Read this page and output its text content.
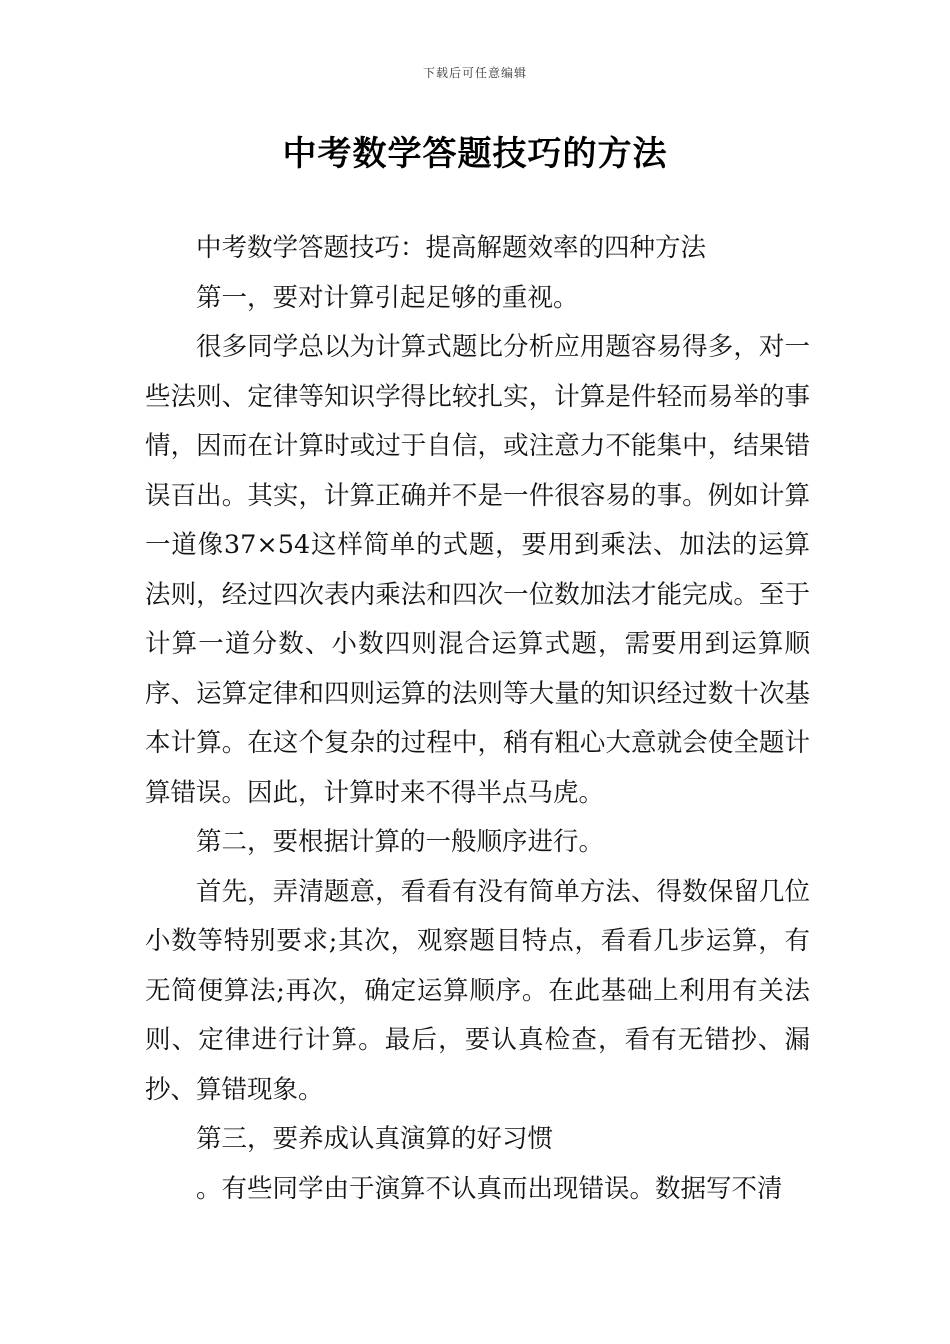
下载后可任意编辑
中考数学答题技巧的方法

中考数学答题技巧：提高解题效率的四种方法

第一，要对计算引起足够的重视。

很多同学总以为计算式题比分析应用题容易得多，对一些法则、定律等知识学得比较扎实，计算是件轻而易举的事情，因而在计算时或过于自信，或注意力不能集中，结果错误百出。其实，计算正确并不是一件很容易的事。例如计算一道像37×54这样简单的式题，要用到乘法、加法的运算法则，经过四次表内乘法和四次一位数加法才能完成。至于计算一道分数、小数四则混合运算式题，需要用到运算顺序、运算定律和四则运算的法则等大量的知识经过数十次基本计算。在这个复杂的过程中，稍有粗心大意就会使全题计算错误。因此，计算时来不得半点马虎。

第二，要根据计算的一般顺序进行。

首先，弄清题意，看看有没有简单方法、得数保留几位小数等特别要求;其次，观察题目特点，看看几步运算，有无简便算法;再次，确定运算顺序。在此基础上利用有关法则、定律进行计算。最后，要认真检查，看有无错抄、漏抄、算错现象。

第三，要养成认真演算的好习惯

。有些同学由于演算不认真而出现错误。数据写不清
